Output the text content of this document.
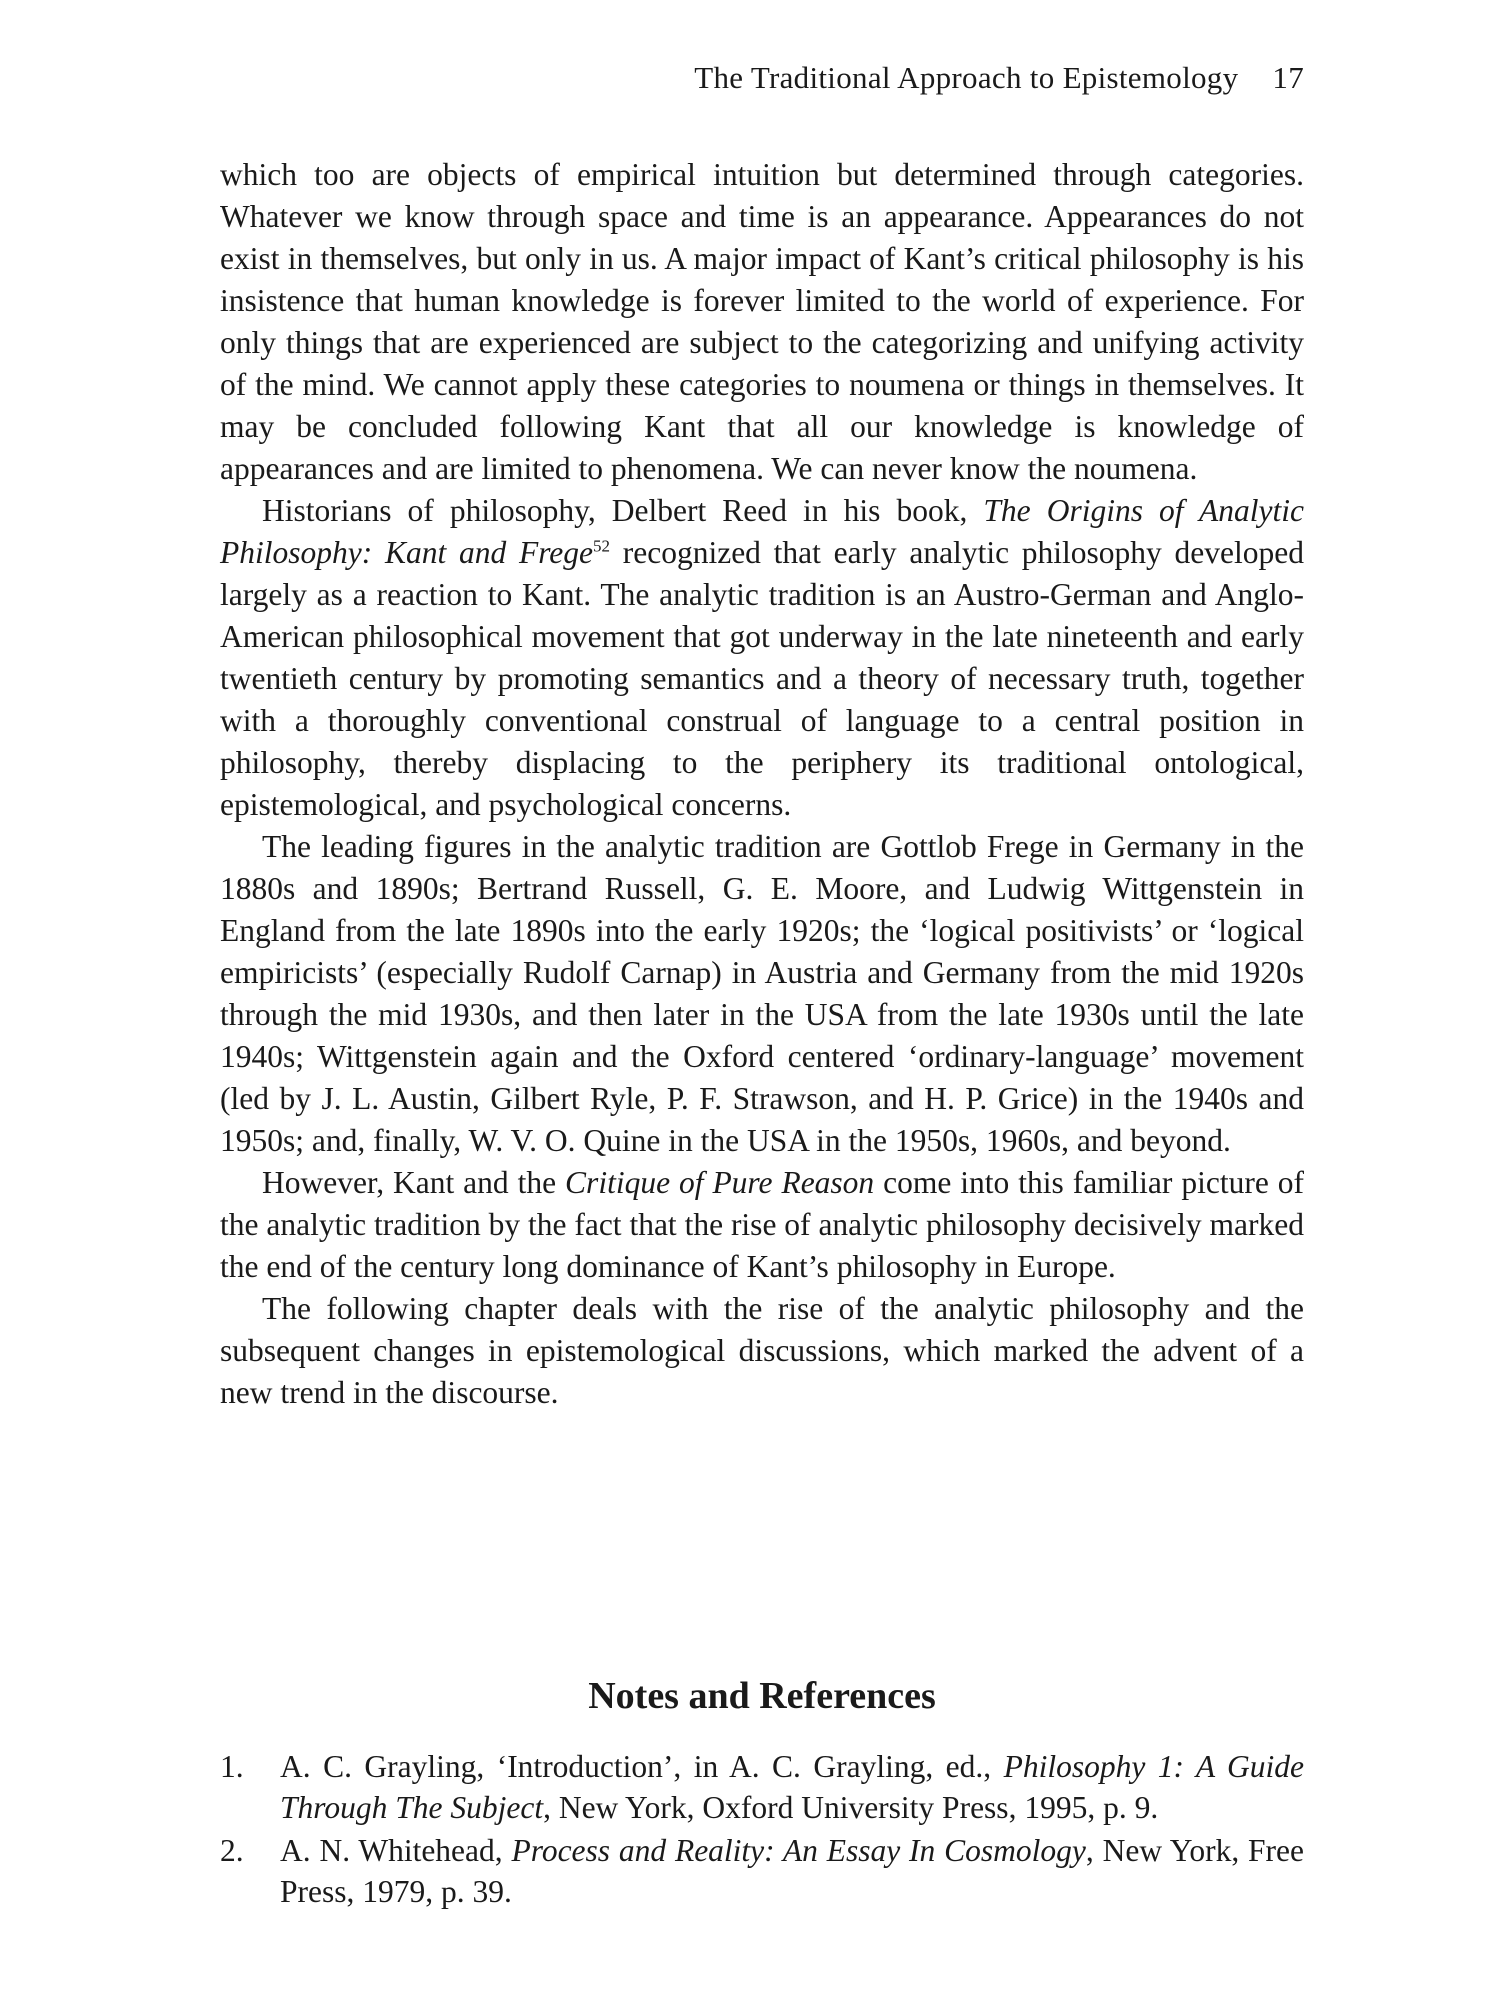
The Traditional Approach to Epistemology 17

which too are objects of empirical intuition but determined through categories. Whatever we know through space and time is an appearance. Appearances do not exist in themselves, but only in us. A major impact of Kant’s critical philosophy is his insistence that human knowledge is forever limited to the world of experience. For only things that are experienced are subject to the categorizing and unifying activity of the mind. We cannot apply these categories to noumena or things in themselves. It may be concluded following Kant that all our knowledge is knowledge of appearances and are limited to phenomena. We can never know the noumena.

Historians of philosophy, Delbert Reed in his book, The Origins of Analytic Philosophy: Kant and Frege$^{52}$ recognized that early analytic philosophy developed largely as a reaction to Kant. The analytic tradition is an Austro-German and Anglo-American philosophical movement that got underway in the late nineteenth and early twentieth century by promoting semantics and a theory of necessary truth, together with a thoroughly conventional construal of language to a central position in philosophy, thereby displacing to the periphery its traditional ontological, epistemological, and psychological concerns.

The leading figures in the analytic tradition are Gottlob Frege in Germany in the 1880s and 1890s; Bertrand Russell, G. E. Moore, and Ludwig Wittgenstein in England from the late 1890s into the early 1920s; the ‘logical positivists’ or ‘logical empiricists’ (especially Rudolf Carnap) in Austria and Germany from the mid 1920s through the mid 1930s, and then later in the USA from the late 1930s until the late 1940s; Wittgenstein again and the Oxford centered ‘ordinary-language’ movement (led by J. L. Austin, Gilbert Ryle, P. F. Strawson, and H. P. Grice) in the 1940s and 1950s; and, finally, W. V. O. Quine in the USA in the 1950s, 1960s, and beyond.

However, Kant and the Critique of Pure Reason come into this familiar picture of the analytic tradition by the fact that the rise of analytic philosophy decisively marked the end of the century long dominance of Kant’s philosophy in Europe.

The following chapter deals with the rise of the analytic philosophy and the subsequent changes in epistemological discussions, which marked the advent of a new trend in the discourse.

Notes and References
1. A. C. Grayling, ‘Introduction’, in A. C. Grayling, ed., Philosophy 1: A Guide Through The Subject, New York, Oxford University Press, 1995, p. 9.
2. A. N. Whitehead, Process and Reality: An Essay In Cosmology, New York, Free Press, 1979, p. 39.
